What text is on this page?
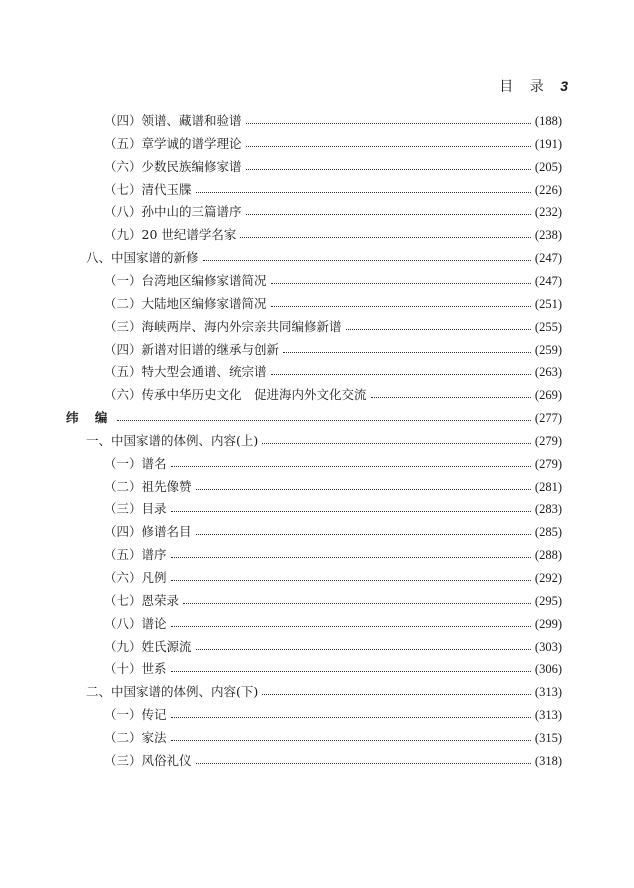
目 录 3
（四）领谱、藏谱和验谱	(188)
（五）章学诚的谱学理论	(191)
（六）少数民族编修家谱	(205)
（七）清代玉牒	(226)
（八）孙中山的三篇谱序	(232)
（九）20 世纪谱学名家	(238)
八、中国家谱的新修	(247)
（一）台湾地区编修家谱简况	(247)
（二）大陆地区编修家谱简况	(251)
（三）海峡两岸、海内外宗亲共同编修新谱	(255)
（四）新谱对旧谱的继承与创新	(259)
（五）特大型会通谱、统宗谱	(263)
（六）传承中华历史文化　促进海内外文化交流	(269)
纬 编	(277)
一、中国家谱的体例、内容(上)	(279)
（一）谱名	(279)
（二）祖先像赞	(281)
（三）目录	(283)
（四）修谱名目	(285)
（五）谱序	(288)
（六）凡例	(292)
（七）恩荣录	(295)
（八）谱论	(299)
（九）姓氏源流	(303)
（十）世系	(306)
二、中国家谱的体例、内容(下)	(313)
（一）传记	(313)
（二）家法	(315)
（三）风俗礼仪	(318)
